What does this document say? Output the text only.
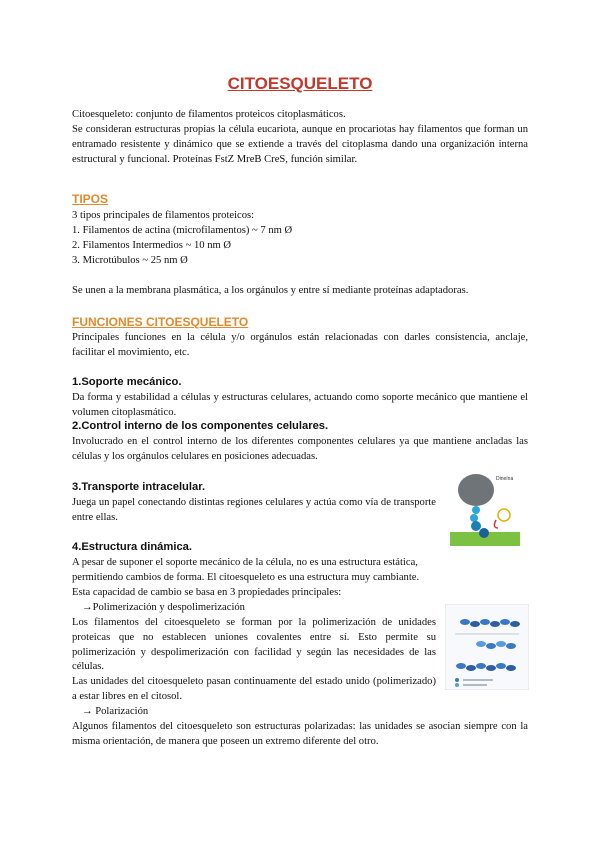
CITOESQUELETO

Citoesqueleto: conjunto de filamentos proteicos citoplasmáticos.

Se consideran estructuras propias la célula eucariota, aunque en procariotas hay filamentos que forman un entramado resistente y dinámico que se extiende a través del citoplasma dando una organización interna estructural y funcional. Proteínas FstZ MreB CreS, función similar.

TIPOS

3 tipos principales de filamentos proteicos:

1. Filamentos de actina (microfilamentos) ~ 7 nm Ø

2. Filamentos Intermedios ~ 10 nm Ø

3. Microtúbulos ~ 25 nm Ø

Se unen a la membrana plasmática, a los orgánulos y entre sí mediante proteínas adaptadoras.

FUNCIONES CITOESQUELETO

Principales funciones en la célula y/o orgánulos están relacionadas con darles consistencia, anclaje, facilitar el movimiento, etc.

1.Soporte mecánico.

Da forma y estabilidad a células y estructuras celulares, actuando como soporte mecánico que mantiene el volumen citoplasmático.

2.Control interno de los componentes celulares.

Involucrado en el control interno de los diferentes componentes celulares ya que mantiene ancladas las células y los orgánulos celulares en posiciones adecuadas.

3.Transporte intracelular.

Juega un papel conectando distintas regiones celulares y actúa como vía de transporte entre ellas.

Dineína
4.Estructura dinámica.

A pesar de suponer el soporte mecánico de la célula, no es una estructura estática, permitiendo cambios de forma. El citoesqueleto es una estructura muy cambiante.

Esta capacidad de cambio se basa en 3 propiedades principales:

→Polimerización y despolimerización

Los filamentos del citoesqueleto se forman por la polimerización de unidades proteicas que no establecen uniones covalentes entre sí. Esto permite su polimerización y despolimerización con facilidad y según las necesidades de las células.

Las unidades del citoesqueleto pasan continuamente del estado unido (polimerizado) a estar libres en el citosol.

→ Polarización

Algunos filamentos del citoesqueleto son estructuras polarizadas: las unidades se asocian siempre con la misma orientación, de manera que poseen un extremo diferente del otro.
